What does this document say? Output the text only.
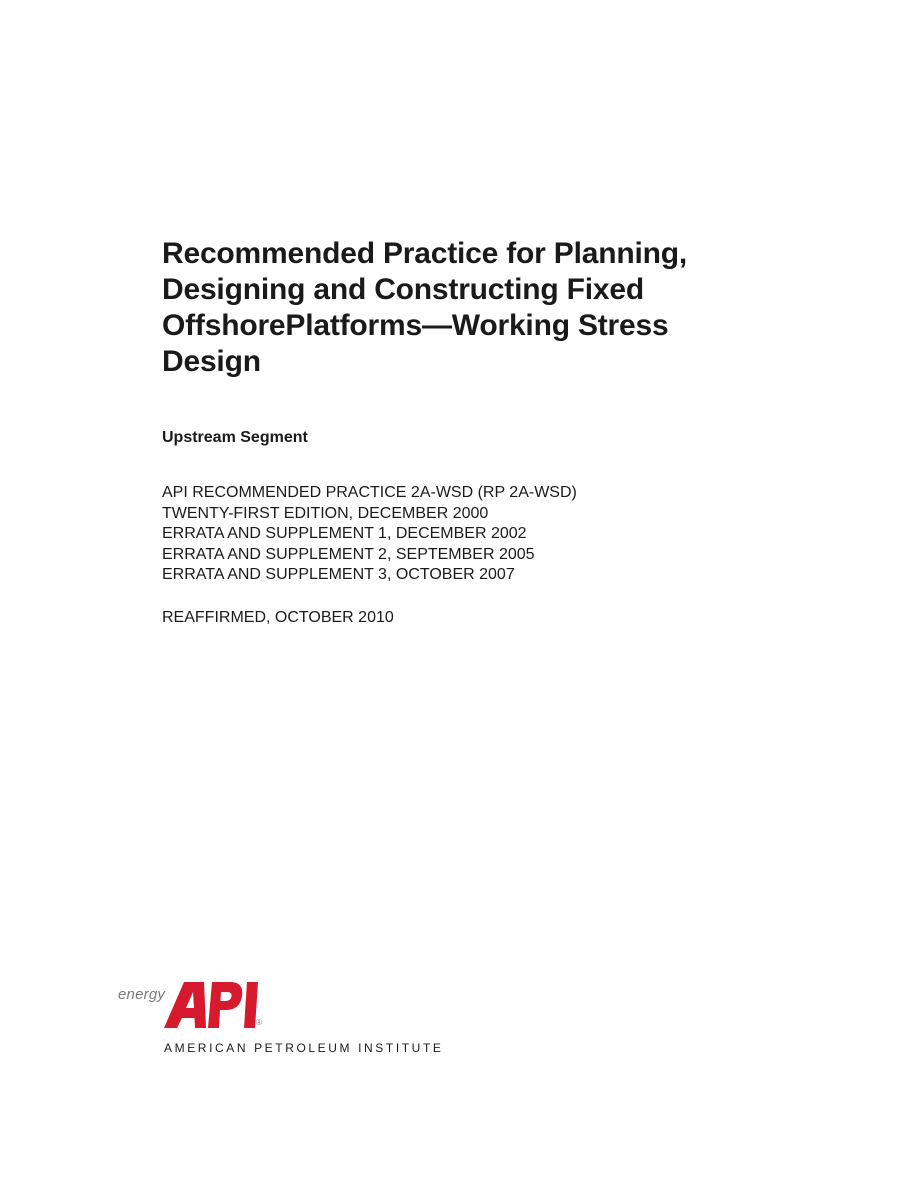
Recommended Practice for Planning,
Designing and Constructing Fixed
OffshorePlatforms—Working Stress
Design

Upstream Segment

API RECOMMENDED PRACTICE 2A-WSD (RP 2A-WSD)
TWENTY-FIRST EDITION, DECEMBER 2000
ERRATA AND SUPPLEMENT 1, DECEMBER 2002
ERRATA AND SUPPLEMENT 2, SEPTEMBER 2005
ERRATA AND SUPPLEMENT 3, OCTOBER 2007

REAFFIRMED, OCTOBER 2010

energy
API
®
AMERICAN PETROLEUM INSTITUTE
